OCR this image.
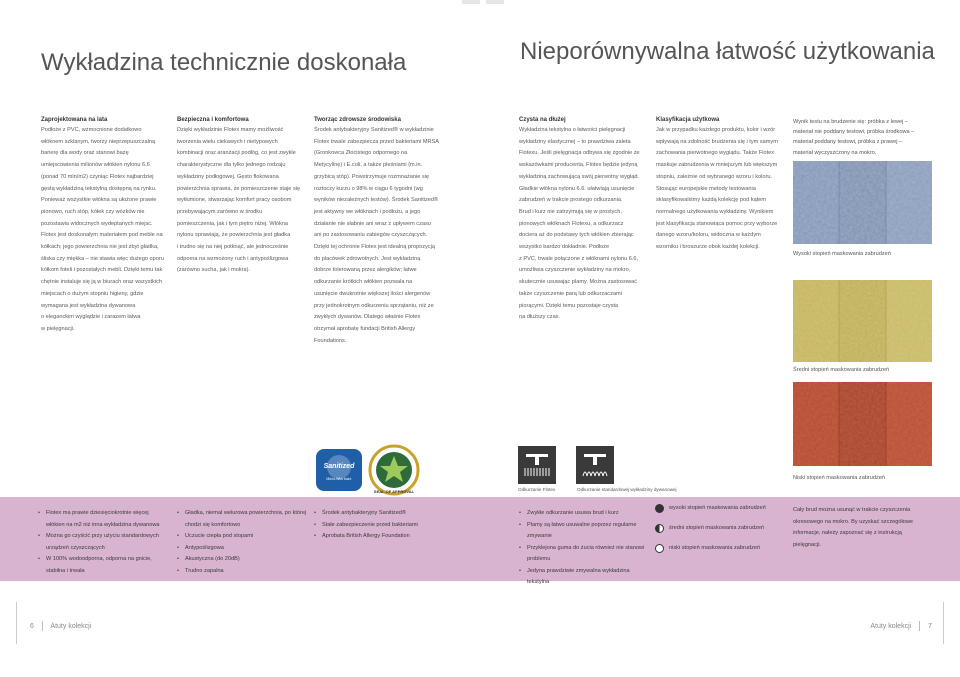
Wykładzina technicznie doskonała	Nieporównywalna łatwość użytkowania
Zaprojektowana na lata

Podłoże z PVC, wzmocnione dodatkowo
włóknem szklanym, tworzy nieprzepuszczalną
barierę dla wody oraz stanowi bazę
umiejscowienia milionów włókien nylonu 6.6
(ponad 70 mln/m2) czyniąc Flotex najbardziej
gęstą wykładziną tekstylną dostępną na rynku.
Ponieważ wszystkie włókna są ułożone prawie
pionowo, ruch stóp, kółek czy wózków nie
pozostawia widocznych wydeptanych miejsc.
Flotex jest doskonałym materiałem pod meble na
kółkach; jego powierzchnia nie jest zbyt gładka,
śliska czy miękka – nie stawia więc dużego oporu
kółkom foteli i pozostałych mebli. Dzięki temu tak
chętnie instaluje się ją w biurach oraz wszystkich
miejscach o dużym stopniu higieny, gdzie
wymagana jest wykładzina dywanowa
o eleganckim wyglądzie i zarazem łatwa
w pielęgnacji.

Bezpieczna i komfortowa

Dzięki wykładzinie Flotex mamy możliwość
tworzenia wielu ciekawych i nietypowych
kombinacji oraz aranżacji podłóg, co jest zwykle
charakterystyczne dla tylko jednego rodzaju
wykładziny podłogowej. Gęsto flokowana
powierzchnia sprawia, że pomieszczenie staje się
wytłumione, stwarzając komfort pracy osobom
przebywającym zarówno w środku
pomieszczenia, jak i tym piętro niżej. Włókna
nylonu sprawiają, że powierzchnia jest gładka
i trudno się na niej potknąć, ale jednocześnie
odporna na wzmożony ruch i antypoślizgowa
(zarówno sucha, jak i mokra).

Tworząc zdrowsze środowiska

Środek antybakteryjny Sanitized® w wykładzinie
Flotex trwale zabezpiecza przed bakteriami MRSA
(Gronkowca Złocistego odpornego na
Metycylinę) i E.coli, a także pleśniami (m.in.
grzybicą stóp). Powstrzymuje rozmnażanie się
roztoczy kurzu o 98% w ciągu 6 tygodni (wg
wyników niezależnych testów). Środek Sanitized®
jest aktywny we włóknach i podłożu, a jego
działanie nie słabnie ani wraz z upływem czasu
ani po zastosowaniu zabiegów czyszczących.
Dzięki tej ochronie Flotex jest idealną propozycją
do placówek zdrowotnych. Jest wykładziną
dobrze tolerowaną przez alergików; łatwe
odkurzanie krótkich włókien pozwala na
usunięcie dwukrotnie większej ilości alergenów
przy jednokrotnym odkurzeniu sprzątaniu, niż ze
zwykłych dywanów. Dlatego właśnie Flotex
otrzymał aprobatę fundacji British Allergy
Foundations.

Czysta na dłużej

Wykładzina tekstylna o łatwości pielęgnacji
wykładziny elastycznej – to prawdziwa zaleta
Flotexu. Jeśli pielęgnacja odbywa się zgodnie ze
wskazówkami producenta, Flotex będzie jedyną
wykładziną zachowującą swój pierwotny wygląd.
Gładkie włókna nylonu 6.6. ułatwiają usunięcie
zabrudzeń w trakcie prostego odkurzania.
Brud i kurz nie zatrzymują się w prostych,
pionowych włóknach Flotexu, a odkurzacz
dociera aż do podstawy tych włókien zbierając
wszystko bardzo dokładnie. Podłoże
z PVC, trwale połączone z włóknami nylonu 6.6,
umożliwia czyszczenie wykładziny na mokro,
skutecznie usuwając plamy. Można zastosować
także czyszczenie parą lub odkurzaczami
piorącymi. Dzięki temu pozostaje czysta
na dłuższy czas.

Klasyfikacja użytkowa

Jak w przypadku każdego produktu, kolor i wzór
wpływają na zdolność brudzenia się i tym samym
zachowania pierwotnego wyglądu. Także Flotex
maskuje zabrudzenia w mniejszym lub większym
stopniu, zależnie od wybranego wzoru i koloru.
Stosując europejskie metody testowania
sklasyfikowaliśmy każdą kolekcję pod kątem
normalnego użytkowania wykładziny. Wynikiem
jest klasyfikacja stanowiąca pomoc przy wyborze
danego wzoru/koloru, widoczna w każdym
wzorniku i broszurze obok każdej kolekcji.

Wynik testu na brudzenie się: próbka z lewej –
materiał nie poddany testowi, próbka środkowa –
materiał poddany testowi, próbka z prawej –
materiał wyczyszczony na mokro.
Wysoki stopień maskowania zabrudzeń
Średni stopień maskowania zabrudzeń
Niski stopień maskowania zabrudzeń
Sanitized
Mikro-Wirk bakt.
SEAL OF APPROVAL	Odkurzanie Flotex	Odkurzanie standardowej wykładziny dywanowej
• Flotex ma prawie dziesięciokrotnie więcej włókien na m2 niż inna wykładzina dywanowa
• Można go czyścić przy użyciu standardowych urządzeń czyszczących
• W 100% wodoodporna, odporna na gnicie, stabilna i trwała
• Gładka, niemal welurowa powierzchnia, po której chodzi się komfortowo
• Uczucie ciepła pod stopami
• Antypoślizgowa
• Akustyczna (do 20dB)
• Trudno zapalna
• Środek antybakteryjny Sanitized®
• Stałe zabezpieczenie przed bakteriami
• Aprobata British Allergy Foundation
• Zwykłe odkurzanie usuwa brud i kurz
• Plamy są łatwo usuwalne poprzez regularne zmywanie
• Przyklejona guma do żucia również nie stanowi problemu
• Jedyna prawdziwie zmywalna wykładzina tekstylna
wysoki stopień maskowania zabrudzeń
średni stopień maskowania zabrudzeń
niski stopień maskowania zabrudzeń
Cały brud można usunąć w trakcie czyszczenia
okresowego na mokro. By uzyskać szczegółowe
informacje, należy zapoznać się z instrukcją
pielęgnacji.
6 Atuty kolekcji	Atuty kolekcji 7
